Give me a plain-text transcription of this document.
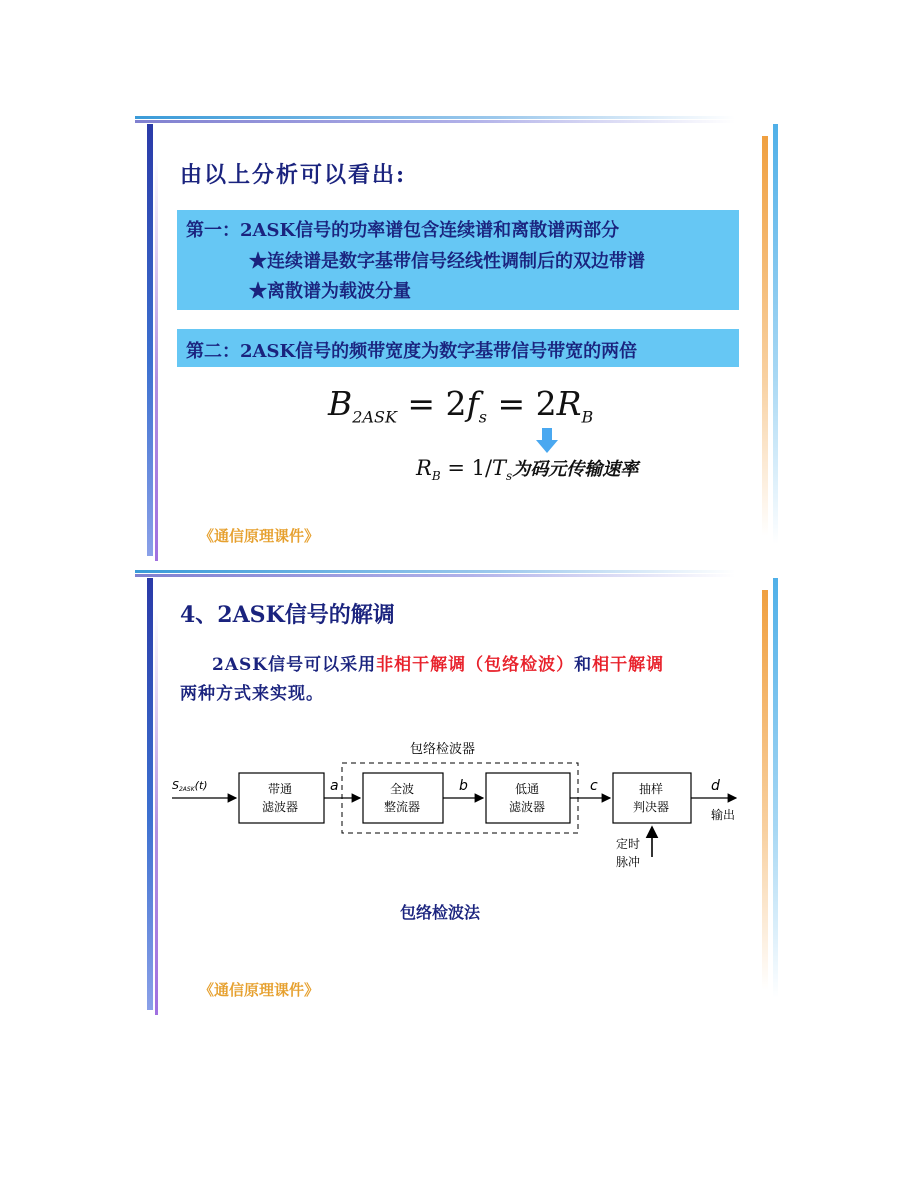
由以上分析可以看出:
第一：2ASK信号的功率谱包含连续谱和离散谱两部分
★连续谱是数字基带信号经线性调制后的双边带谱
★离散谱为载波分量
第二：2ASK信号的频带宽度为数字基带信号带宽的两倍
$B_{2ASK} = 2f_s = 2R_B$
$R_B = 1/T_s$为码元传输速率
《通信原理课件》
4、2ASK信号的解调
2ASK信号可以采用非相干解调（包络检波）和相干解调
两种方式来实现。
包络检波器
S2ASK(t)	带通
滤波器
a	全波
整流器
b	低通
滤波器
c	抽样
判决器
d
输出
定时
脉冲
包络检波法
《通信原理课件》
